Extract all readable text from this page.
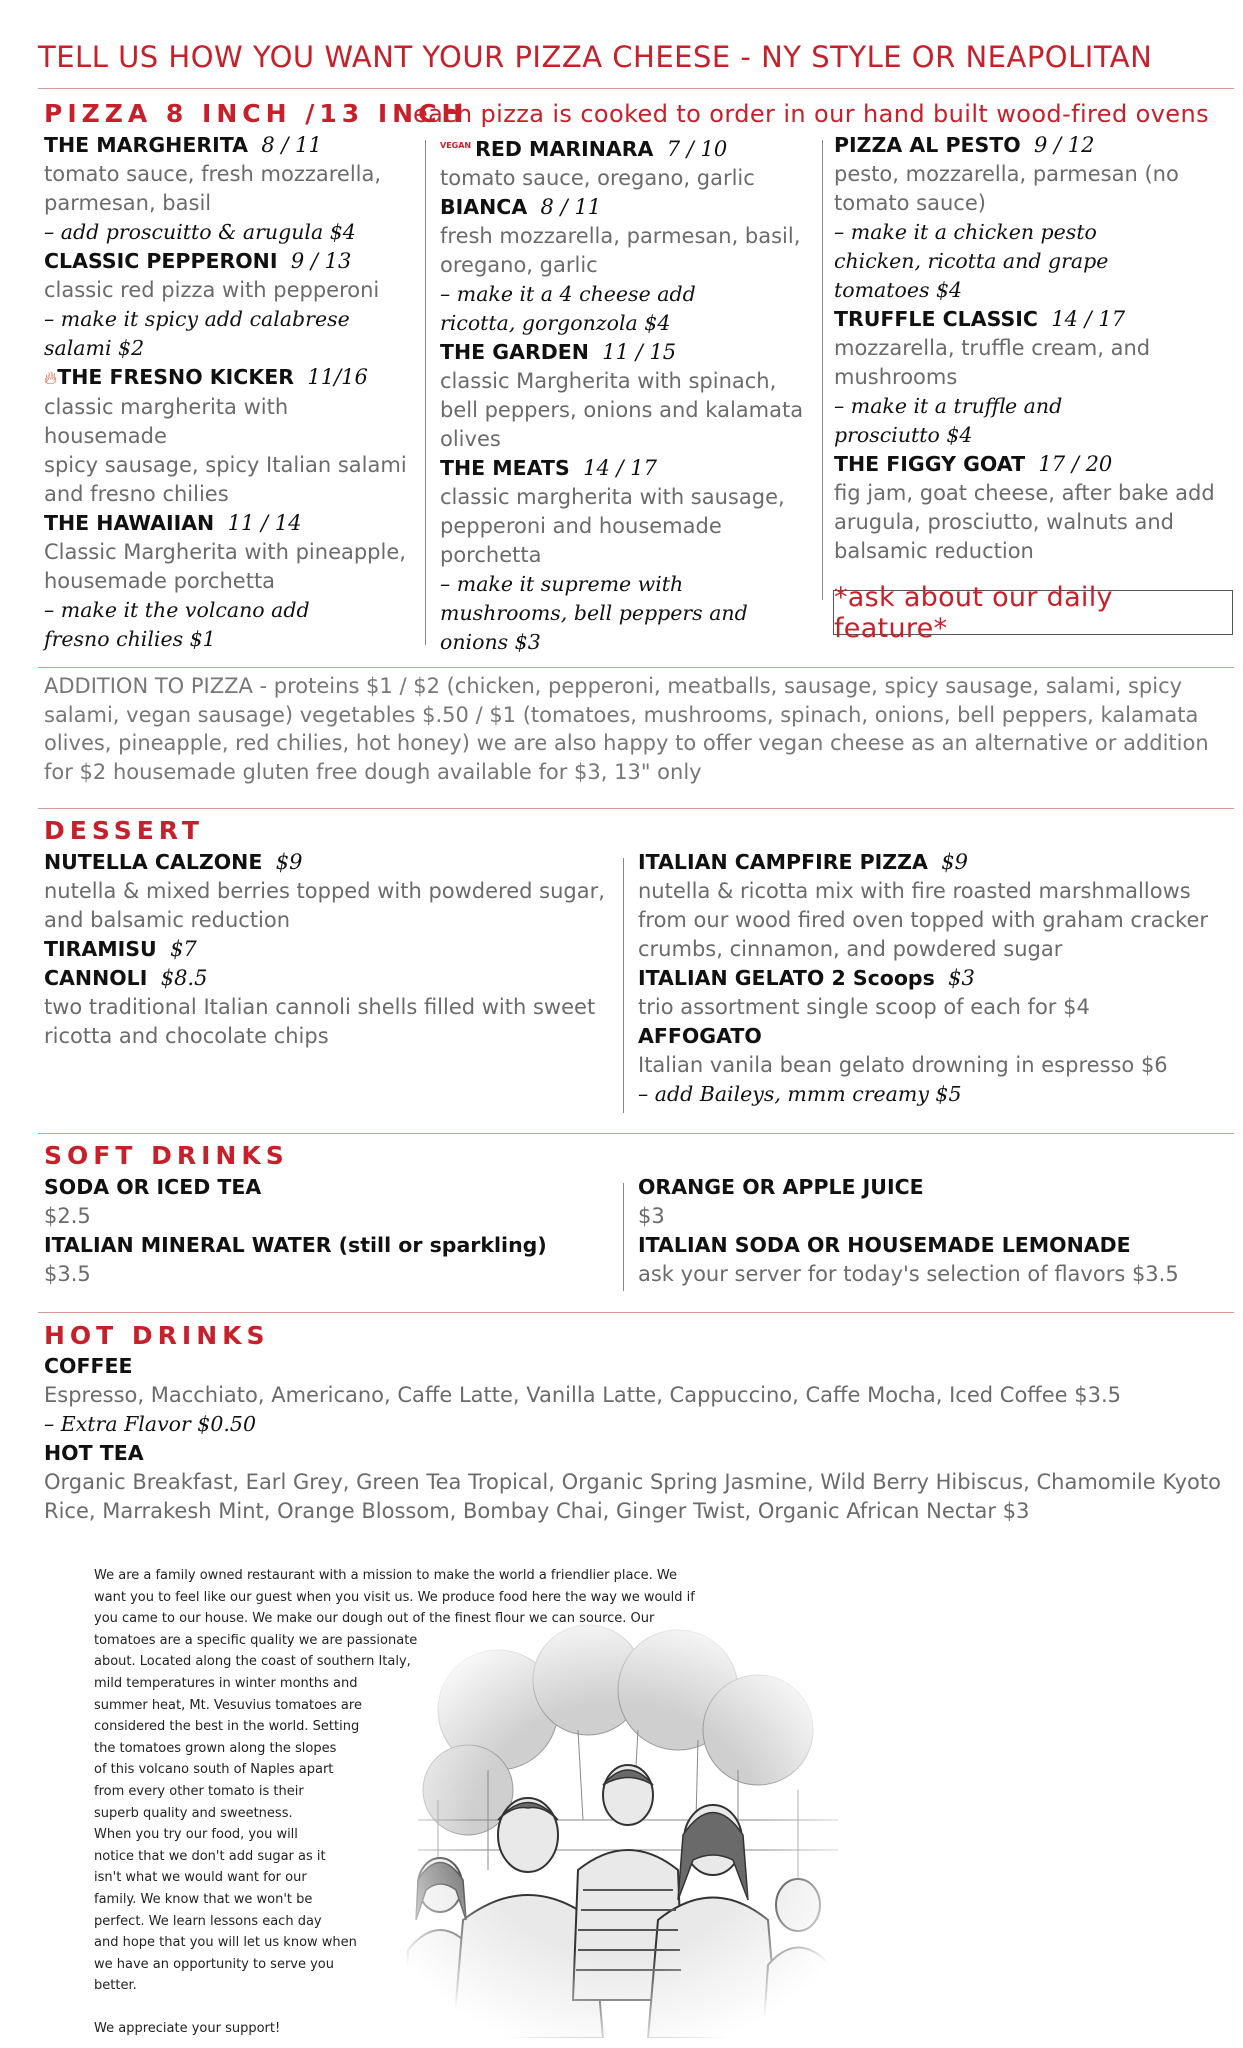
TELL US HOW YOU WANT YOUR PIZZA CHEESE - NY STYLE OR NEAPOLITAN
PIZZA 8 INCH /13 INCH
each pizza is cooked to order in our hand built wood-fired ovens
THE MARGHERITA 8 / 11
tomato sauce, fresh mozzarella,
parmesan, basil
– add proscuitto & arugula $4
CLASSIC PEPPERONI 9 / 13
classic red pizza with pepperoni
– make it spicy add calabrese
salami $2
🔥︎THE FRESNO KICKER 11/16
classic margherita with housemade
spicy sausage, spicy Italian salami
and fresno chilies
THE HAWAIIAN 11 / 14
Classic Margherita with pineapple,
housemade porchetta
– make it the volcano add
fresno chilies $1
$^{VEGAN}$ RED MARINARA 7 / 10
tomato sauce, oregano, garlic
BIANCA 8 / 11
fresh mozzarella, parmesan, basil,
oregano, garlic
– make it a 4 cheese add
ricotta, gorgonzola $4
THE GARDEN 11 / 15
classic Margherita with spinach,
bell peppers, onions and kalamata
olives
THE MEATS 14 / 17
classic margherita with sausage,
pepperoni and housemade
porchetta
– make it supreme with
mushrooms, bell peppers and
onions $3
PIZZA AL PESTO 9 / 12
pesto, mozzarella, parmesan (no
tomato sauce)
– make it a chicken pesto
chicken, ricotta and grape
tomatoes $4
TRUFFLE CLASSIC 14 / 17
mozzarella, truffle cream, and
mushrooms
– make it a truffle and
prosciutto $4
THE FIGGY GOAT 17 / 20
fig jam, goat cheese, after bake add
arugula, prosciutto, walnuts and
balsamic reduction
*ask about our daily feature*
ADDITION TO PIZZA - proteins $1 / $2 (chicken, pepperoni, meatballs, sausage, spicy sausage, salami, spicy
salami, vegan sausage) vegetables $.50 / $1 (tomatoes, mushrooms, spinach, onions, bell peppers, kalamata
olives, pineapple, red chilies, hot honey) we are also happy to offer vegan cheese as an alternative or addition
for $2 housemade gluten free dough available for $3, 13" only
DESSERT
NUTELLA CALZONE $9
nutella & mixed berries topped with powdered sugar,
and balsamic reduction
TIRAMISU $7
CANNOLI $8.5
two traditional Italian cannoli shells filled with sweet
ricotta and chocolate chips
ITALIAN CAMPFIRE PIZZA $9
nutella & ricotta mix with fire roasted marshmallows
from our wood fired oven topped with graham cracker
crumbs, cinnamon, and powdered sugar
ITALIAN GELATO 2 Scoops $3
trio assortment single scoop of each for $4
AFFOGATO
Italian vanila bean gelato drowning in espresso $6
– add Baileys, mmm creamy $5
SOFT DRINKS
SODA OR ICED TEA
$2.5
ITALIAN MINERAL WATER (still or sparkling)
$3.5
ORANGE OR APPLE JUICE
$3
ITALIAN SODA OR HOUSEMADE LEMONADE
ask your server for today's selection of flavors $3.5
HOT DRINKS
COFFEE
Espresso, Macchiato, Americano, Caffe Latte, Vanilla Latte, Cappuccino, Caffe Mocha, Iced Coffee $3.5
– Extra Flavor $0.50
HOT TEA
Organic Breakfast, Earl Grey, Green Tea Tropical, Organic Spring Jasmine, Wild Berry Hibiscus, Chamomile Kyoto
Rice, Marrakesh Mint, Orange Blossom, Bombay Chai, Ginger Twist, Organic African Nectar $3
We are a family owned restaurant with a mission to make the world a friendlier place. We
want you to feel like our guest when you visit us. We produce food here the way we would if
you came to our house. We make our dough out of the finest flour we can source. Our
tomatoes are a specific quality we are passionate
about. Located along the coast of southern Italy,
mild temperatures in winter months and
summer heat, Mt. Vesuvius tomatoes are
considered the best in the world. Setting
the tomatoes grown along the slopes
of this volcano south of Naples apart
from every other tomato is their
superb quality and sweetness.
When you try our food, you will
notice that we don't add sugar as it
isn't what we would want for our
family. We know that we won't be
perfect. We learn lessons each day
and hope that you will let us know when
we have an opportunity to serve you
better.
We appreciate your support!
